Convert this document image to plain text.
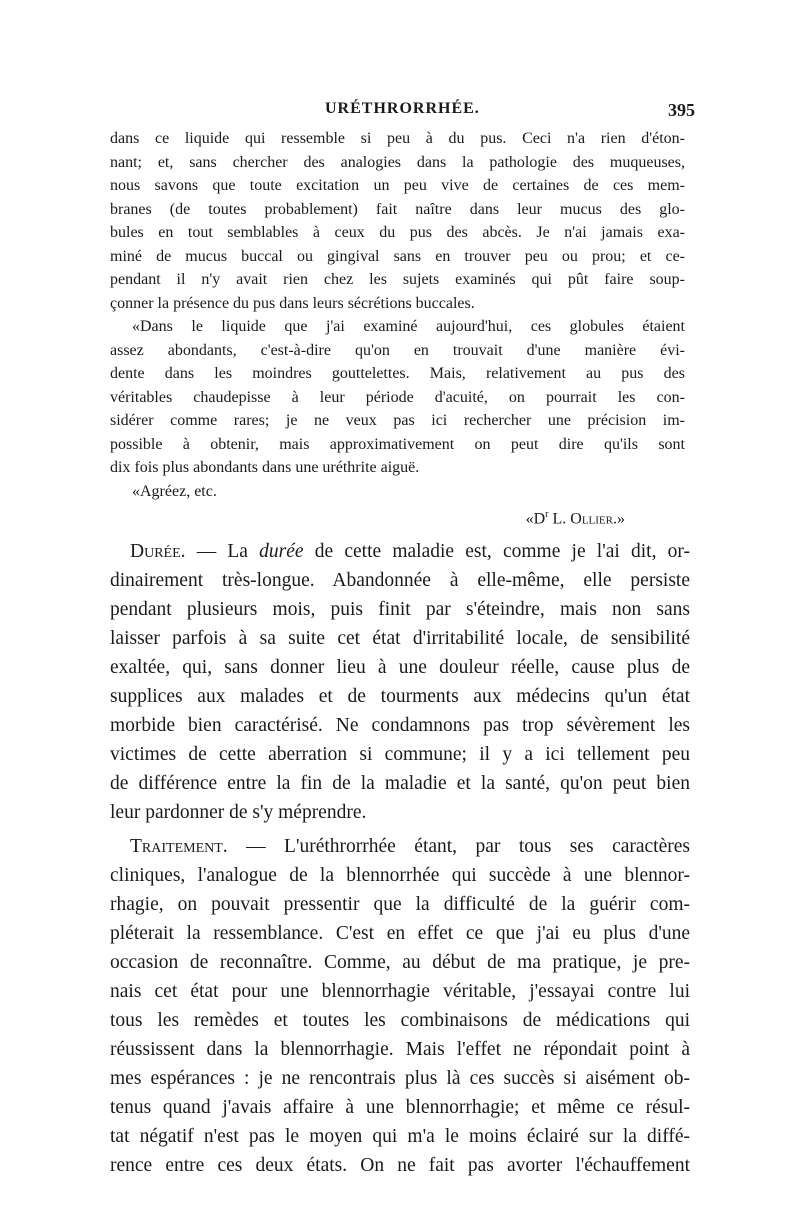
URÉTHRORRHÉE.	395
dans ce liquide qui ressemble si peu à du pus. Ceci n'a rien d'éton-
nant; et, sans chercher des analogies dans la pathologie des muqueuses,
nous savons que toute excitation un peu vive de certaines de ces mem-
branes (de toutes probablement) fait naître dans leur mucus des glo-
bules en tout semblables à ceux du pus des abcès. Je n'ai jamais exa-
miné de mucus buccal ou gingival sans en trouver peu ou prou; et ce-
pendant il n'y avait rien chez les sujets examinés qui pût faire soup-
çonner la présence du pus dans leurs sécrétions buccales.
«Dans le liquide que j'ai examiné aujourd'hui, ces globules étaient
assez abondants, c'est-à-dire qu'on en trouvait d'une manière évi-
dente dans les moindres gouttelettes. Mais, relativement au pus des
véritables chaudepisse à leur période d'acuité, on pourrait les con-
sidérer comme rares; je ne veux pas ici rechercher une précision im-
possible à obtenir, mais approximativement on peut dire qu'ils sont
dix fois plus abondants dans une uréthrite aiguë.
«Agréez, etc.
«$D^r$ L. Ollier.»
Durée. — La durée de cette maladie est, comme je l'ai dit, or-
dinairement très-longue. Abandonnée à elle-même, elle persiste
pendant plusieurs mois, puis finit par s'éteindre, mais non sans
laisser parfois à sa suite cet état d'irritabilité locale, de sensibilité
exaltée, qui, sans donner lieu à une douleur réelle, cause plus de
supplices aux malades et de tourments aux médecins qu'un état
morbide bien caractérisé. Ne condamnons pas trop sévèrement les
victimes de cette aberration si commune; il y a ici tellement peu
de différence entre la fin de la maladie et la santé, qu'on peut bien
leur pardonner de s'y méprendre.
Traitement. — L'uréthrorrhée étant, par tous ses caractères
cliniques, l'analogue de la blennorrhée qui succède à une blennor-
rhagie, on pouvait pressentir que la difficulté de la guérir com-
pléterait la ressemblance. C'est en effet ce que j'ai eu plus d'une
occasion de reconnaître. Comme, au début de ma pratique, je pre-
nais cet état pour une blennorrhagie véritable, j'essayai contre lui
tous les remèdes et toutes les combinaisons de médications qui
réussissent dans la blennorrhagie. Mais l'effet ne répondait point à
mes espérances : je ne rencontrais plus là ces succès si aisément ob-
tenus quand j'avais affaire à une blennorrhagie; et même ce résul-
tat négatif n'est pas le moyen qui m'a le moins éclairé sur la diffé-
rence entre ces deux états. On ne fait pas avorter l'échauffement
